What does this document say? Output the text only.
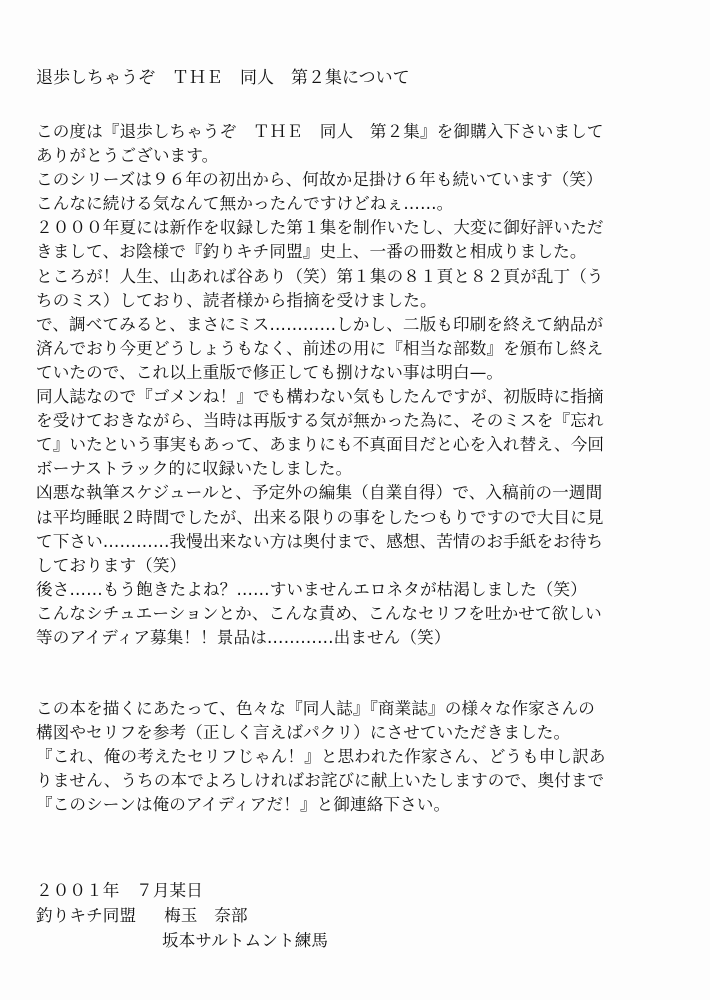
退歩しちゃうぞ　ＴＨＥ　同人　第２集について
この度は『退歩しちゃうぞ　ＴＨＥ　同人　第２集』を御購入下さいまして
ありがとうございます。
このシリーズは９６年の初出から、何故か足掛け６年も続いています（笑）
こんなに続ける気なんて無かったんですけどねぇ……。
２０００年夏には新作を収録した第１集を制作いたし、大変に御好評いただ
きまして、お陰様で『釣りキチ同盟』史上、一番の冊数と相成りました。
ところが！人生、山あれば谷あり（笑）第１集の８１頁と８２頁が乱丁（う
ちのミス）しており、読者様から指摘を受けました。
で、調べてみると、まさにミス…………しかし、二版も印刷を終えて納品が
済んでおり今更どうしょうもなく、前述の用に『相当な部数』を頒布し終え
ていたので、これ以上重版で修正しても捌けない事は明白—。
同人誌なので『ゴメンね！』でも構わない気もしたんですが、初版時に指摘
を受けておきながら、当時は再版する気が無かった為に、そのミスを『忘れ
て』いたという事実もあって、あまりにも不真面目だと心を入れ替え、今回
ボーナストラック的に収録いたしました。
凶悪な執筆スケジュールと、予定外の編集（自業自得）で、入稿前の一週間
は平均睡眠２時間でしたが、出来る限りの事をしたつもりですので大目に見
て下さい…………我慢出来ない方は奥付まで、感想、苦情のお手紙をお待ち
しております（笑）
後さ……もう飽きたよね？……すいませんエロネタが枯渇しました（笑）
こんなシチュエーションとか、こんな責め、こんなセリフを吐かせて欲しい
等のアイディア募集！！景品は…………出ません（笑）
この本を描くにあたって、色々な『同人誌』『商業誌』の様々な作家さんの
構図やセリフを参考（正しく言えばパクリ）にさせていただきました。
『これ、俺の考えたセリフじゃん！』と思われた作家さん、どうも申し訳あ
りません、うちの本でよろしければお詫びに献上いたしますので、奥付まで
『このシーンは俺のアイディアだ！』と御連絡下さい。
２００１年　７月某日
釣りキチ同盟 梅玉　奈部
坂本サルトムント練馬
